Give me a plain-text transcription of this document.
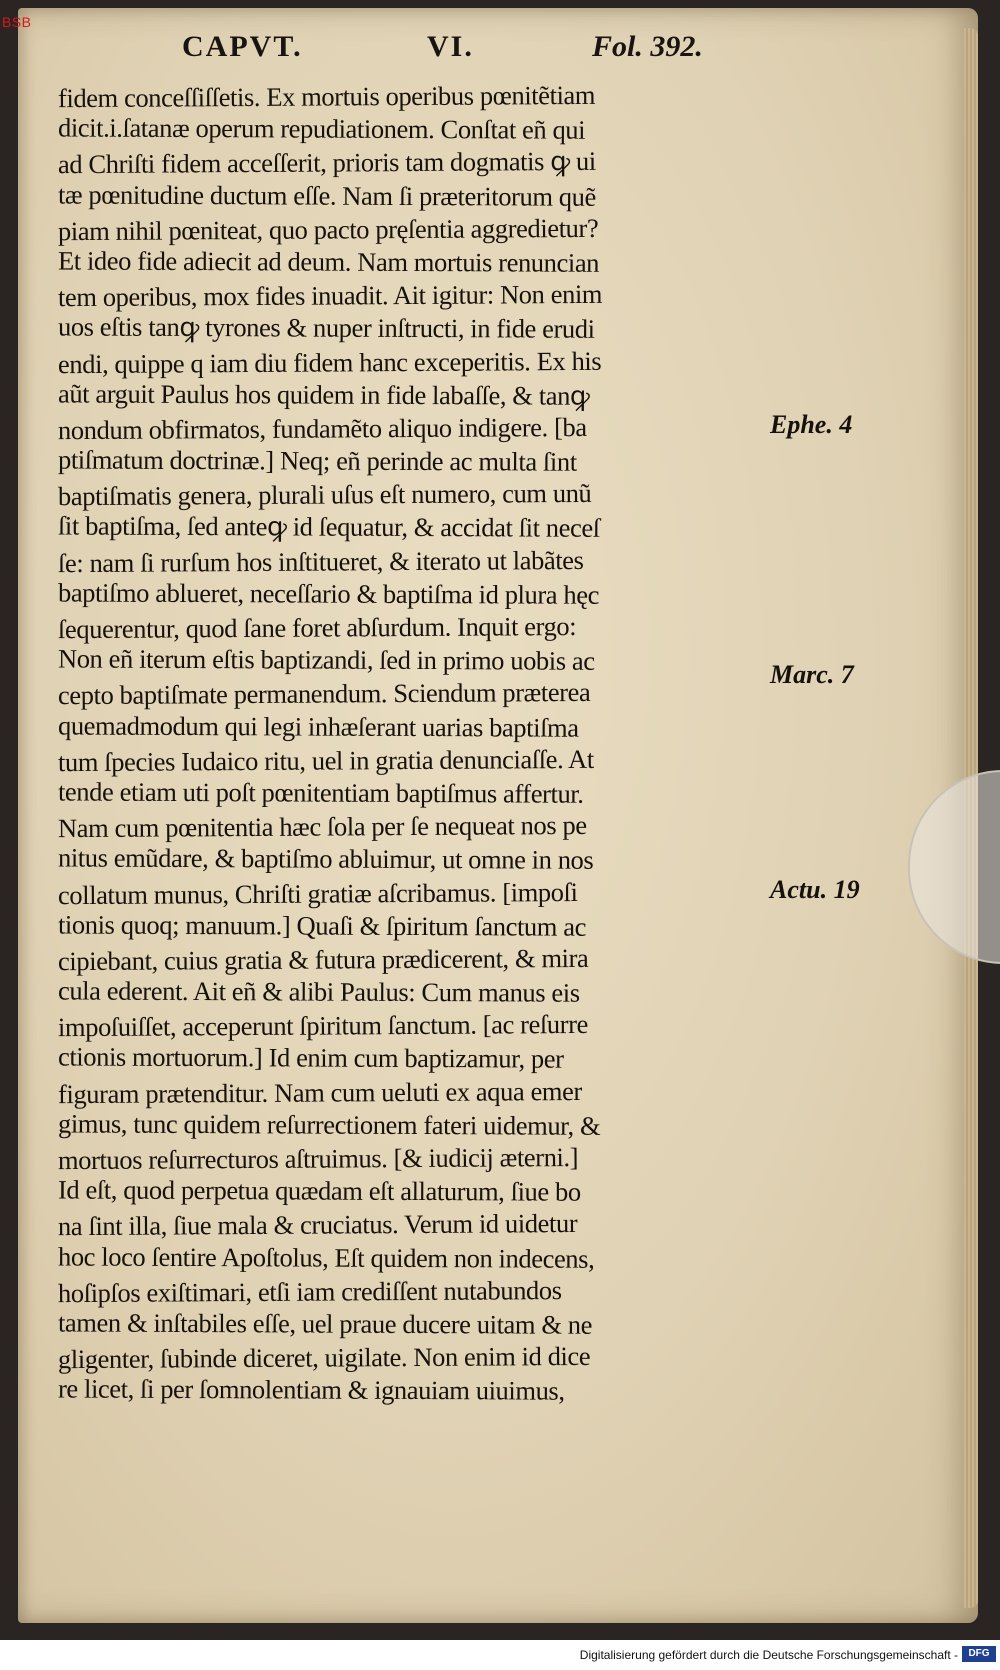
BSB
CAPVT.	VI.	Fol. 392.
fidem conceſſiſſetis. Ex mortuis operibus pœnitẽtiam
dicit.i.ſatanæ operum repudiationem. Conſtat eñ qui
ad Chriſti fidem acceſſerit, prioris tam dogmatis ꝙ ui
tæ pœnitudine ductum eſſe. Nam ſi præteritorum quẽ
piam nihil pœniteat, quo pacto pręſentia aggredietur?
Et ideo fide adiecit ad deum. Nam mortuis renuncian
tem operibus, mox fides inuadit. Ait igitur: Non enim
uos eſtis tanꝙ tyrones & nuper inſtructi, in fide erudi
endi, quippe q iam diu fidem hanc exceperitis. Ex his
aũt arguit Paulus hos quidem in fide labaſſe, & tanꝙ
nondum obfirmatos, fundamẽto aliquo indigere. [ba
ptiſmatum doctrinæ.] Neq; eñ perinde ac multa ſint
baptiſmatis genera, plurali uſus eſt numero, cum unũ
ſit baptiſma, ſed anteꝙ id ſequatur, & accidat ſit neceſ
ſe: nam ſi rurſum hos inſtitueret, & iterato ut labãtes
baptiſmo ablueret, neceſſario & baptiſma id plura hęc
ſequerentur, quod ſane foret abſurdum. Inquit ergo:
Non eñ iterum eſtis baptizandi, ſed in primo uobis ac
cepto baptiſmate permanendum. Sciendum præterea
quemadmodum qui legi inhæſerant uarias baptiſma
tum ſpecies Iudaico ritu, uel in gratia denunciaſſe. At
tende etiam uti poſt pœnitentiam baptiſmus affertur.
Nam cum pœnitentia hæc ſola per ſe nequeat nos pe
nitus emũdare, & baptiſmo abluimur, ut omne in nos
collatum munus, Chriſti gratiæ aſcribamus. [impoſi
tionis quoq; manuum.] Quaſi & ſpiritum ſanctum ac
cipiebant, cuius gratia & futura prædicerent, & mira
cula ederent. Ait eñ & alibi Paulus: Cum manus eis
impoſuiſſet, acceperunt ſpiritum ſanctum. [ac reſurre
ctionis mortuorum.] Id enim cum baptizamur, per
figuram prætenditur. Nam cum ueluti ex aqua emer
gimus, tunc quidem reſurrectionem fateri uidemur, &
mortuos reſurrecturos aſtruimus. [& iudicij æterni.]
Id eſt, quod perpetua quædam eſt allaturum, ſiue bo
na ſint illa, ſiue mala & cruciatus. Verum id uidetur
hoc loco ſentire Apoſtolus, Eſt quidem non indecens,
hoſipſos exiſtimari, etſi iam crediſſent nutabundos
tamen & inſtabiles eſſe, uel praue ducere uitam & ne
gligenter, ſubinde diceret, uigilate. Non enim id dice
re licet, ſi per ſomnolentiam & ignauiam uiuimus,
Ephe. 4
Marc. 7
Actu. 19
Digitalisierung gefördert durch die Deutsche Forschungsgemeinschaft -	DFG
